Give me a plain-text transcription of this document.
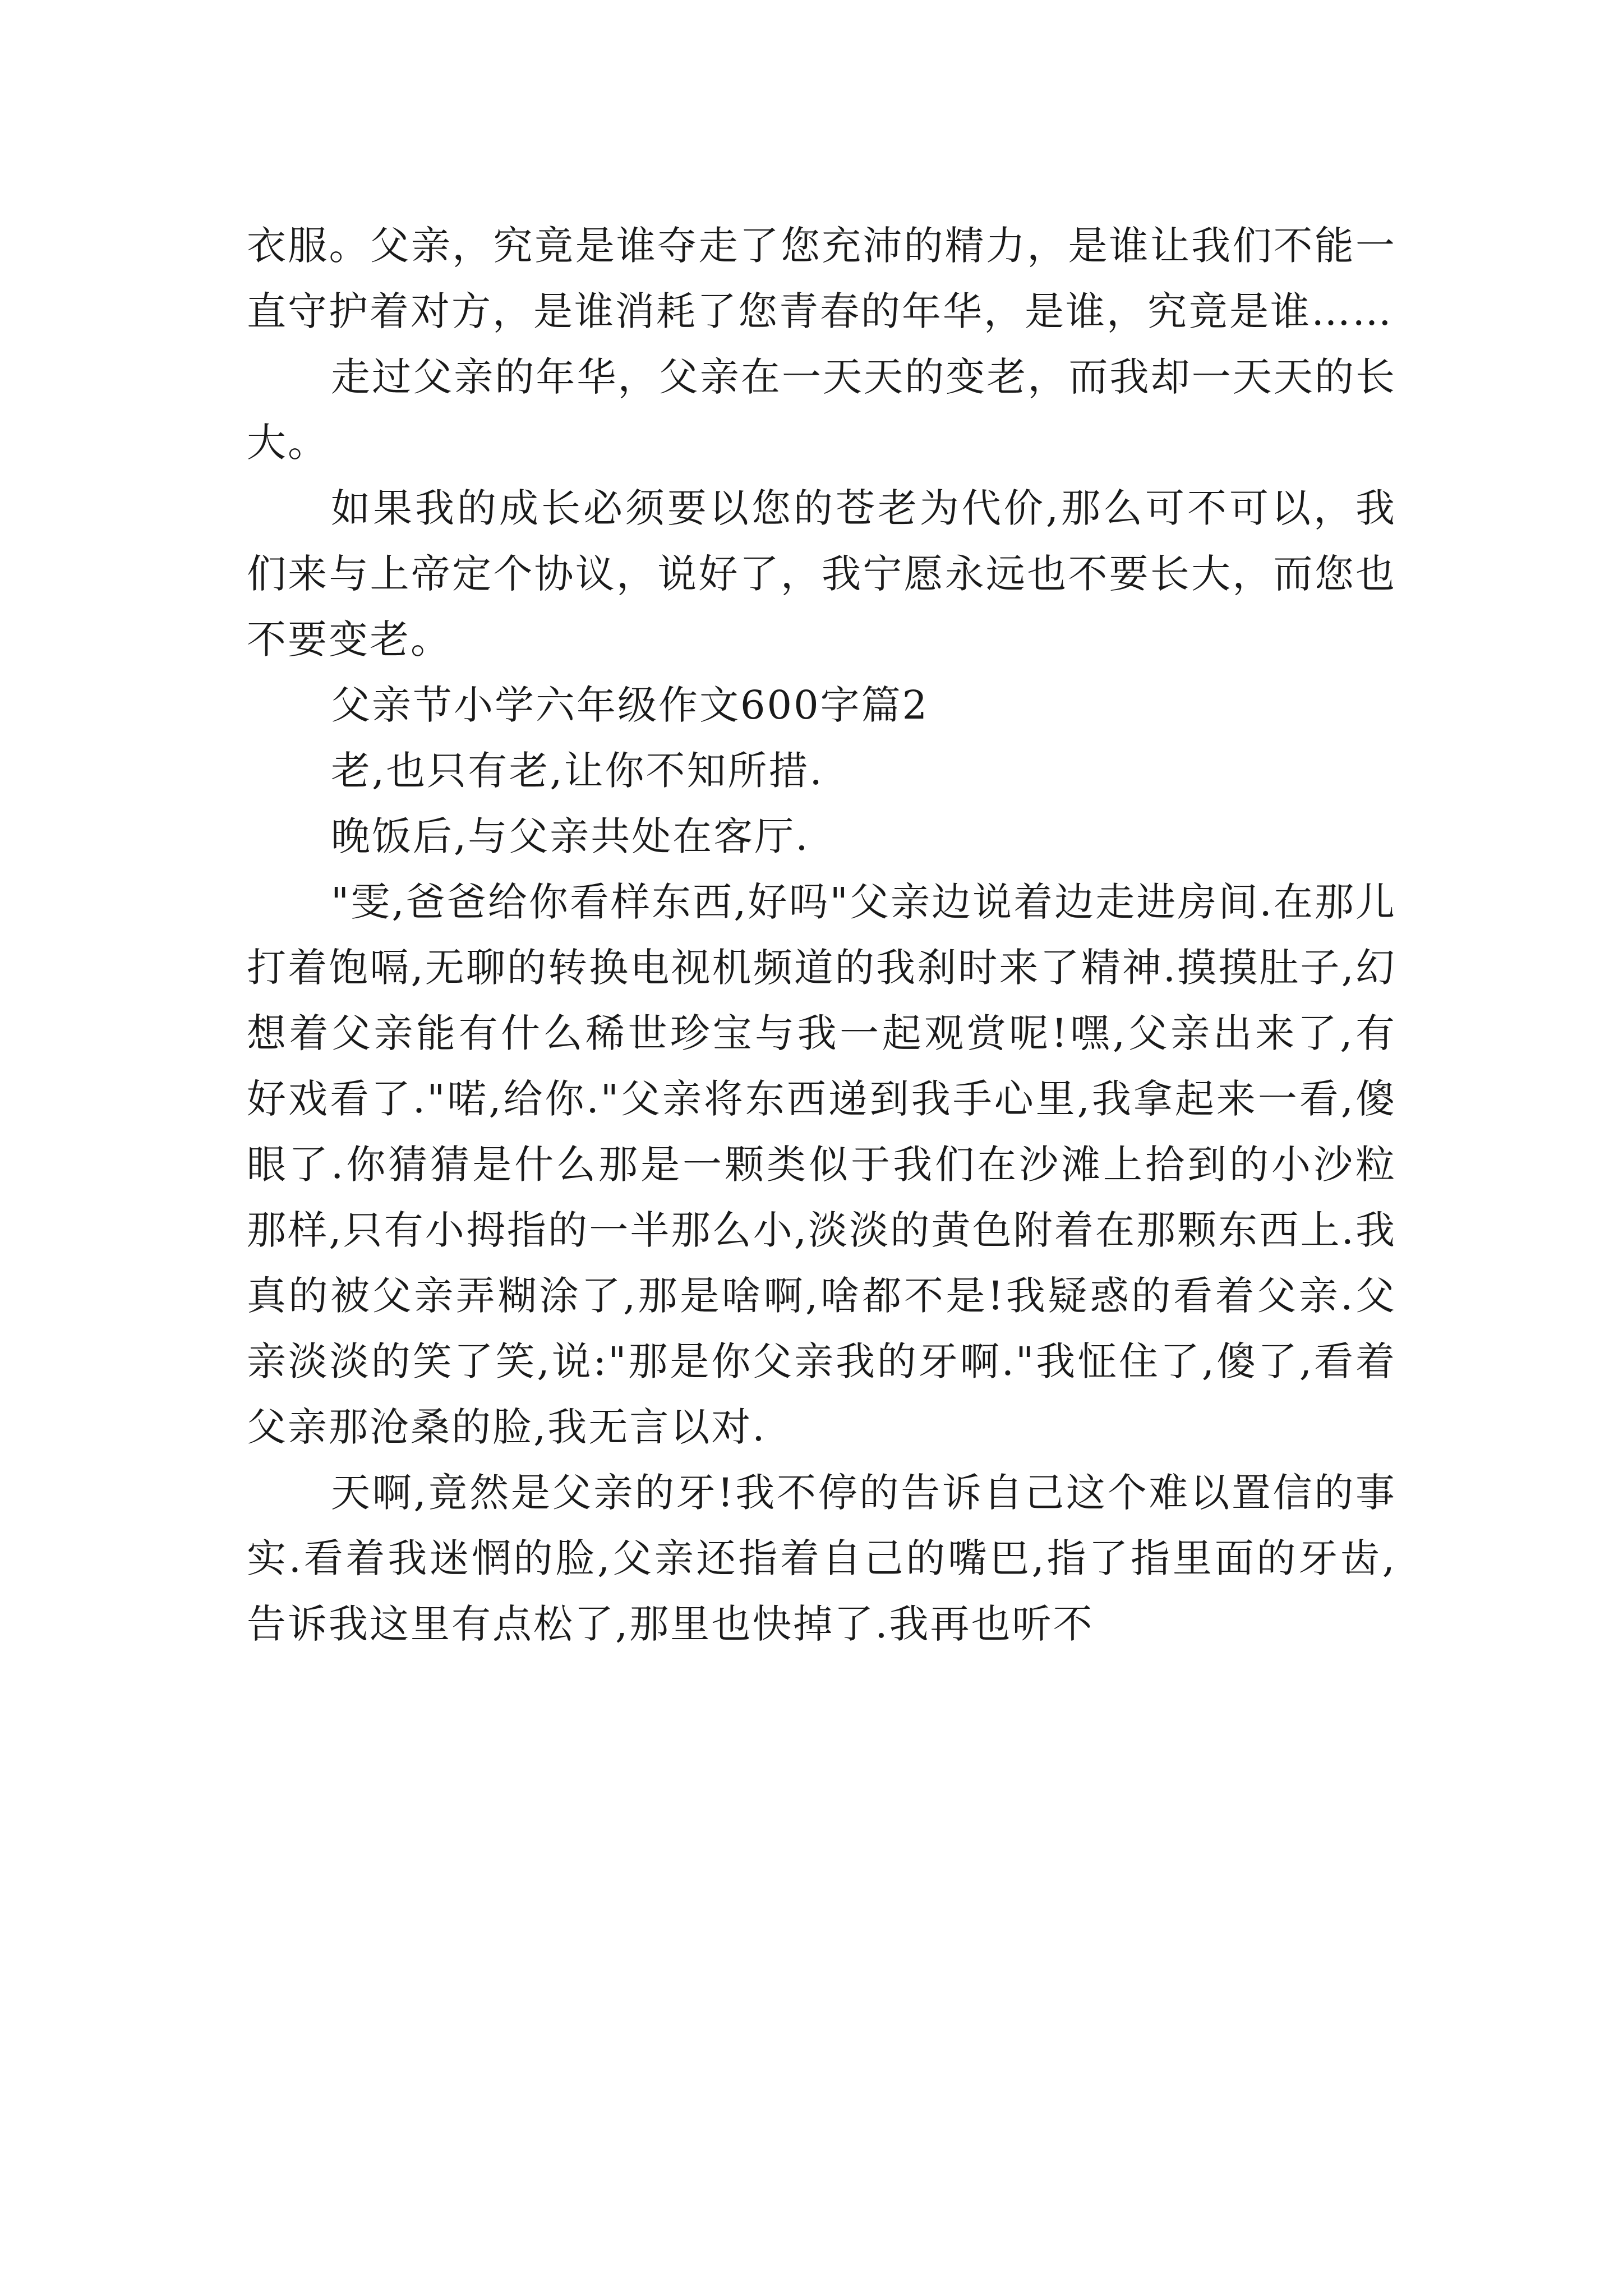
衣服。父亲，究竟是谁夺走了您充沛的精力，是谁让我们不能一直守护着对方，是谁消耗了您青春的年华，是谁，究竟是谁……

走过父亲的年华，父亲在一天天的变老，而我却一天天的长大。

如果我的成长必须要以您的苍老为代价,那么可不可以，我们来与上帝定个协议，说好了，我宁愿永远也不要长大，而您也不要变老。

父亲节小学六年级作文600字篇2

老,也只有老,让你不知所措.

晚饭后,与父亲共处在客厅.

"雯,爸爸给你看样东西,好吗"父亲边说着边走进房间.在那儿打着饱嗝,无聊的转换电视机频道的我刹时来了精神.摸摸肚子,幻想着父亲能有什么稀世珍宝与我一起观赏呢!嘿,父亲出来了,有好戏看了."喏,给你."父亲将东西递到我手心里,我拿起来一看,傻眼了.你猜猜是什么那是一颗类似于我们在沙滩上拾到的小沙粒那样,只有小拇指的一半那么小,淡淡的黄色附着在那颗东西上.我真的被父亲弄糊涂了,那是啥啊,啥都不是!我疑惑的看着父亲.父亲淡淡的笑了笑,说:"那是你父亲我的牙啊."我怔住了,傻了,看着父亲那沧桑的脸,我无言以对.

天啊,竟然是父亲的牙!我不停的告诉自己这个难以置信的事实.看着我迷惘的脸,父亲还指着自己的嘴巴,指了指里面的牙齿,告诉我这里有点松了,那里也快掉了.我再也听不
